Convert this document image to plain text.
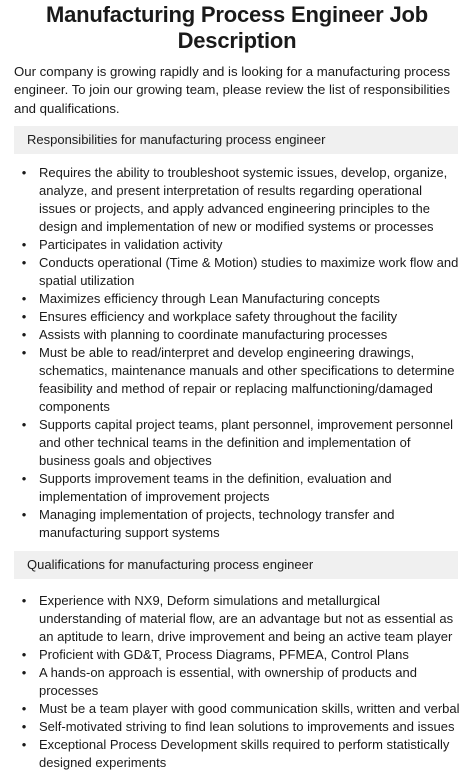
Manufacturing Process Engineer Job Description

Our company is growing rapidly and is looking for a manufacturing process engineer. To join our growing team, please review the list of responsibilities and qualifications.

Responsibilities for manufacturing process engineer
• Requires the ability to troubleshoot systemic issues, develop, organize, analyze, and present interpretation of results regarding operational issues or projects, and apply advanced engineering principles to the design and implementation of new or modified systems or processes
• Participates in validation activity
• Conducts operational (Time & Motion) studies to maximize work flow and spatial utilization
• Maximizes efficiency through Lean Manufacturing concepts
• Ensures efficiency and workplace safety throughout the facility
• Assists with planning to coordinate manufacturing processes
• Must be able to read/interpret and develop engineering drawings, schematics, maintenance manuals and other specifications to determine feasibility and method of repair or replacing malfunctioning/damaged components
• Supports capital project teams, plant personnel, improvement personnel and other technical teams in the definition and implementation of business goals and objectives
• Supports improvement teams in the definition, evaluation and implementation of improvement projects
• Managing implementation of projects, technology transfer and manufacturing support systems
Qualifications for manufacturing process engineer
• Experience with NX9, Deform simulations and metallurgical understanding of material flow, are an advantage but not as essential as an aptitude to learn, drive improvement and being an active team player
• Proficient with GD&T, Process Diagrams, PFMEA, Control Plans
• A hands-on approach is essential, with ownership of products and processes
• Must be a team player with good communication skills, written and verbal
• Self-motivated striving to find lean solutions to improvements and issues
• Exceptional Process Development skills required to perform statistically designed experiments
